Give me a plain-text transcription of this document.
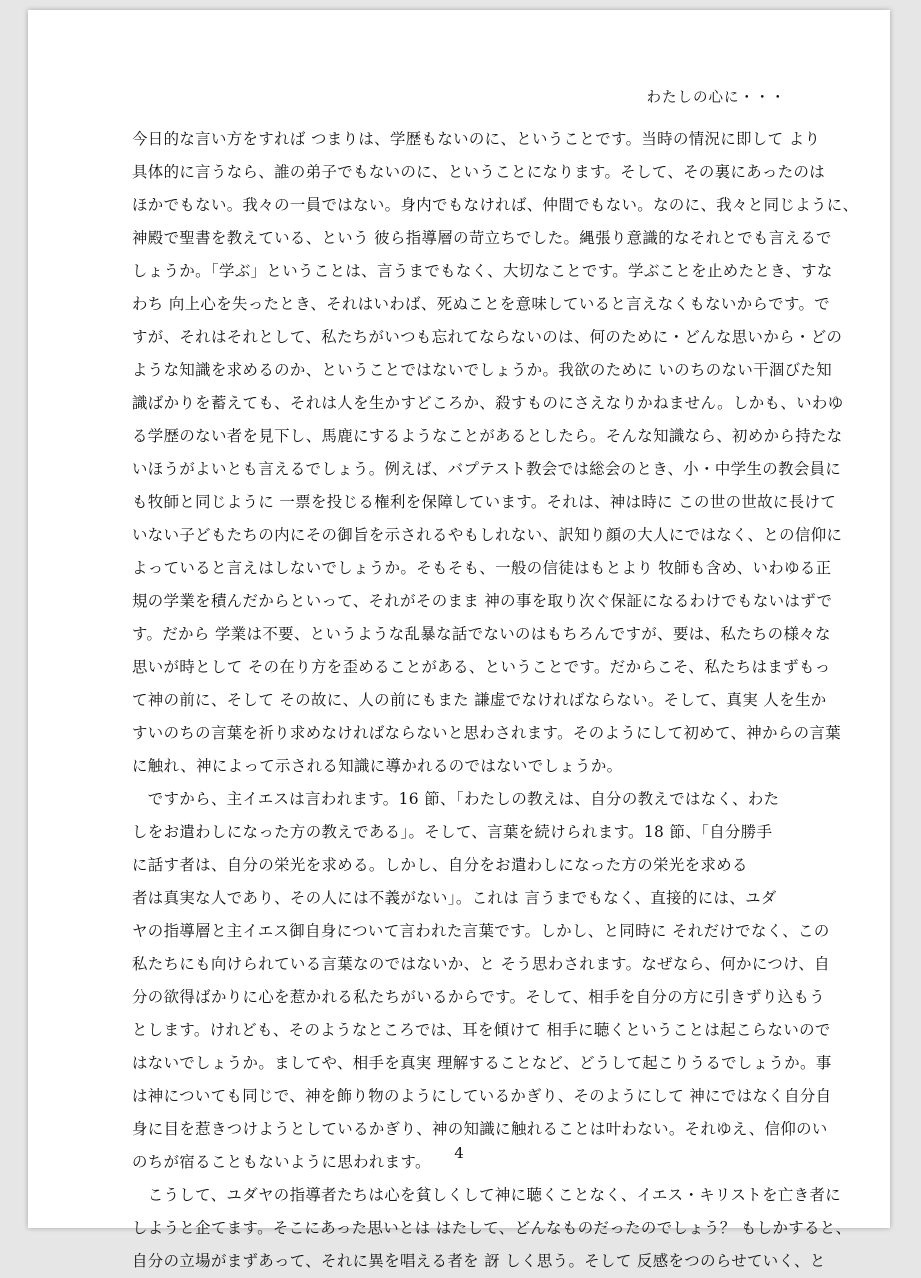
わたしの心に・・・
今日的な言い方をすれば つまりは、学歴もないのに、ということです。当時の情況に即して より
具体的に言うなら、誰の弟子でもないのに、ということになります。そして、その裏にあったのは
ほかでもない。我々の一員ではない。身内でもなければ、仲間でもない。なのに、我々と同じように、
神殿で聖書を教えている、という 彼ら指導層の苛立ちでした。縄張り意識的なそれとでも言えるで
しょうか。「学ぶ」ということは、言うまでもなく、大切なことです。学ぶことを止めたとき、すな
わち 向上心を失ったとき、それはいわば、死ぬことを意味していると言えなくもないからです。で
すが、それはそれとして、私たちがいつも忘れてならないのは、何のために・どんな思いから・どの
ような知識を求めるのか、ということではないでしょうか。我欲のために いのちのない干涸びた知
識ばかりを蓄えても、それは人を生かすどころか、殺すものにさえなりかねません。しかも、いわゆ
る学歴のない者を見下し、馬鹿にするようなことがあるとしたら。そんな知識なら、初めから持たな
いほうがよいとも言えるでしょう。例えば、バプテスト教会では総会のとき、小・中学生の教会員に
も牧師と同じように 一票を投じる権利を保障しています。それは、神は時に この世の世故に長けて
いない子どもたちの内にその御旨を示されるやもしれない、訳知り顔の大人にではなく、との信仰に
よっていると言えはしないでしょうか。そもそも、一般の信徒はもとより 牧師も含め、いわゆる正
規の学業を積んだからといって、それがそのまま 神の事を取り次ぐ保証になるわけでもないはずで
す。だから 学業は不要、というような乱暴な話でないのはもちろんですが、要は、私たちの様々な
思いが時として その在り方を歪めることがある、ということです。だからこそ、私たちはまずもっ
て神の前に、そして その故に、人の前にもまた 謙虚でなければならない。そして、真実 人を生か
すいのちの言葉を祈り求めなければならないと思わされます。そのようにして初めて、神からの言葉
に触れ、神によって示される知識に導かれるのではないでしょうか。
　ですから、主イエスは言われます。16 節、「わたしの教えは、自分の教えではなく、わた
しをお遣わしになった方の教えである」。そして、言葉を続けられます。18 節、「自分勝手
に話す者は、自分の栄光を求める。しかし、自分をお遣わしになった方の栄光を求める
者は真実な人であり、その人には不義がない」。これは 言うまでもなく、直接的には、ユダ
ヤの指導層と主イエス御自身について言われた言葉です。しかし、と同時に それだけでなく、この
私たちにも向けられている言葉なのではないか、と そう思わされます。なぜなら、何かにつけ、自
分の欲得ばかりに心を惹かれる私たちがいるからです。そして、相手を自分の方に引きずり込もう
とします。けれども、そのようなところでは、耳を傾けて 相手に聴くということは起こらないので
はないでしょうか。ましてや、相手を真実 理解することなど、どうして起こりうるでしょうか。事
は神についても同じで、神を飾り物のようにしているかぎり、そのようにして 神にではなく自分自
身に目を惹きつけようとしているかぎり、神の知識に触れることは叶わない。それゆえ、信仰のい
のちが宿ることもないように思われます。
　こうして、ユダヤの指導者たちは心を貧しくして神に聴くことなく、イエス・キリストを亡き者に
しようと企てます。そこにあった思いとは はたして、どんなものだったのでしょう？ もしかすると、
自分の立場がまずあって、それに異を唱える者を 訝 しく思う。そして 反感をつのらせていく、と
4
